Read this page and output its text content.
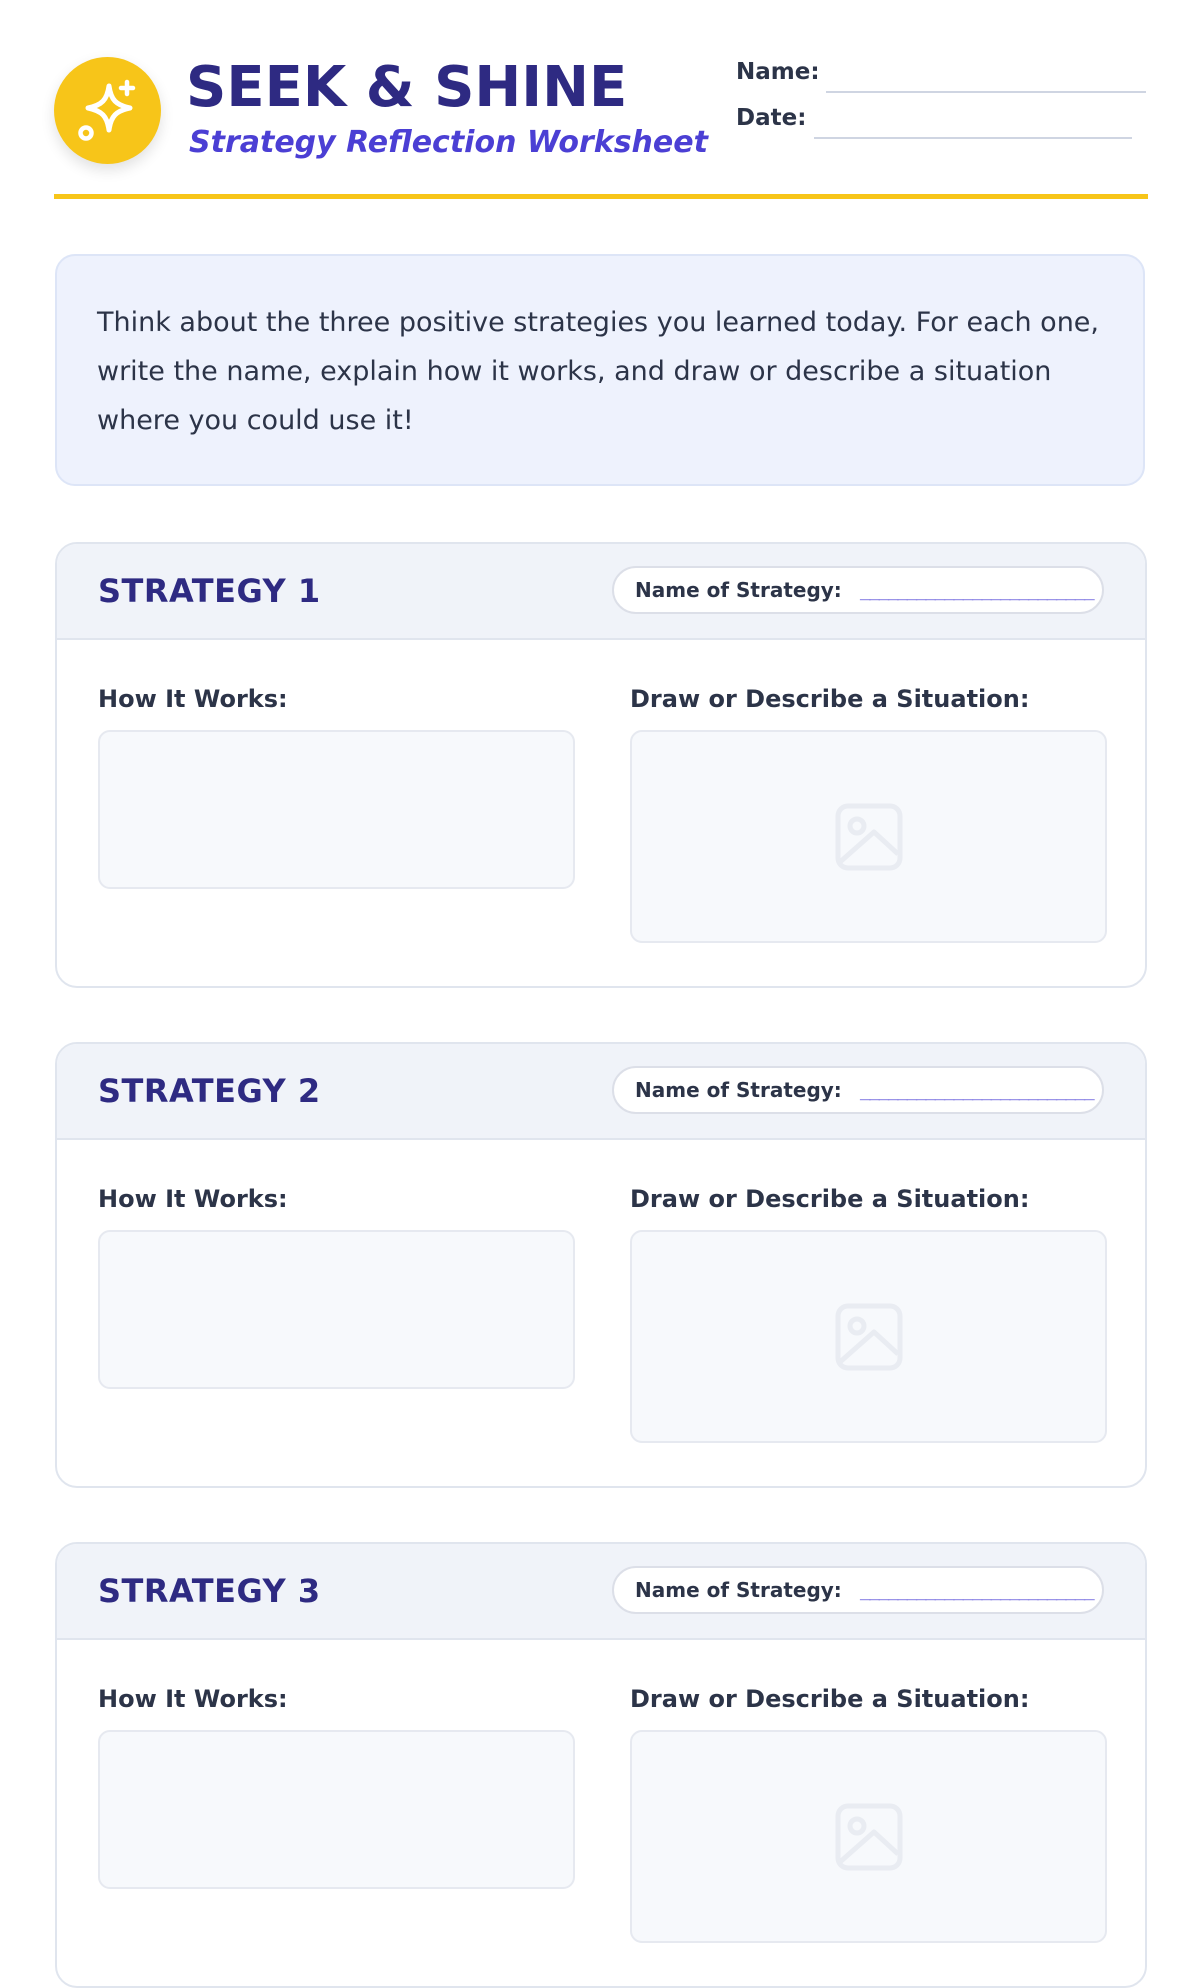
SEEK & SHINE
Strategy Reflection Worksheet
Name:
Date:

Think about the three positive strategies you learned today. For each one, write the name, explain how it works, and draw or describe a situation where you could use it!

STRATEGY 1	Name of Strategy: _________________________
How It Works:	Draw or Describe a Situation:
STRATEGY 2	Name of Strategy: _________________________
How It Works:	Draw or Describe a Situation:
STRATEGY 3	Name of Strategy: _________________________
How It Works:	Draw or Describe a Situation:
